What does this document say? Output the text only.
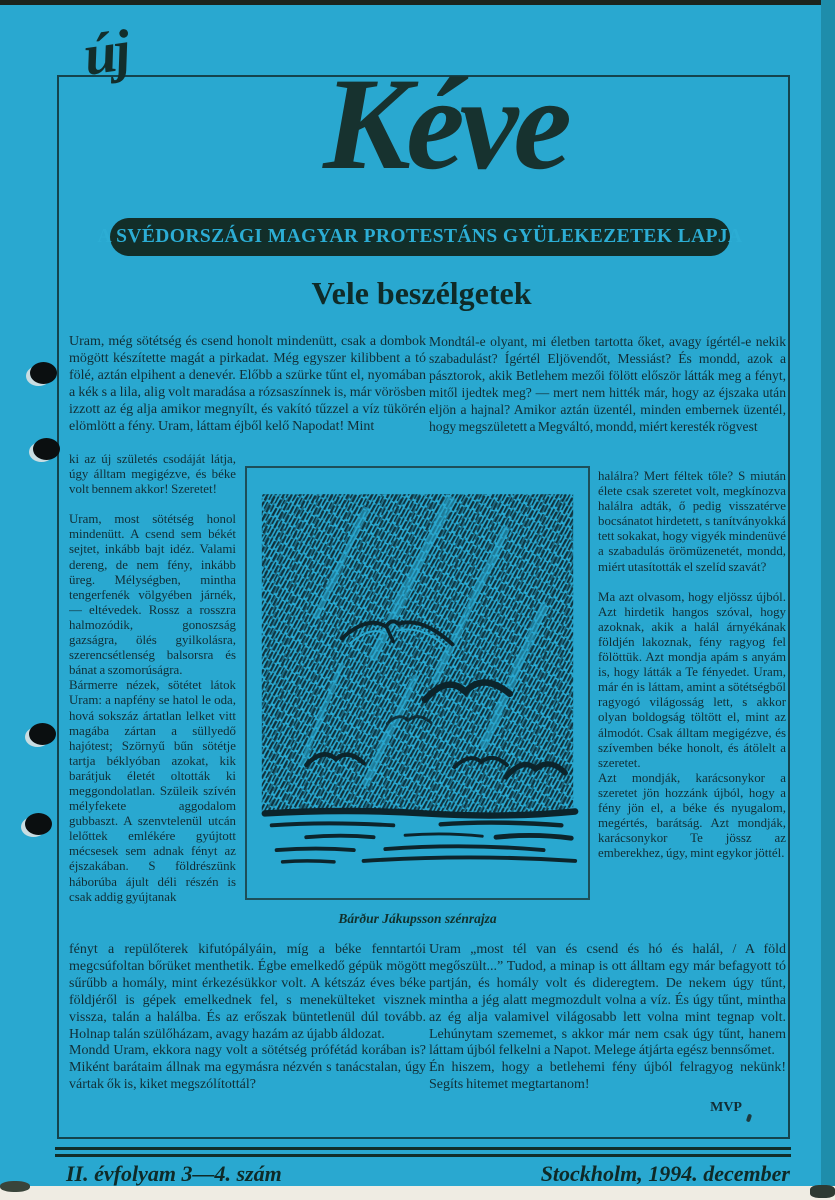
új	Kéve
A SVÉDORSZÁGI MAGYAR PROTESTÁNS GYÜLEKEZETEK LAPJA
Vele beszélgetek

Uram, még sötétség és csend honolt mindenütt, csak a dombok mögött készítette magát a pirkadat. Még egyszer kilibbent a tó fölé, aztán elpihent a denevér. Előbb a szürke tűnt el, nyomában a kék s a lila, alig volt maradása a rózsaszínnek is, már vörösben izzott az ég alja amikor megnyílt, és vakító tűzzel a víz tükörén elömlött a fény. Uram, láttam éjből kelő Napodat! Mint

ki az új születés csodáját látja, úgy álltam megigézve, és béke volt bennem akkor! Szeretet!

Uram, most sötétség honol mindenütt. A csend sem békét sejtet, inkább bajt idéz. Valami dereng, de nem fény, inkább üreg. Mélységben, mintha tengerfenék völgyében járnék, — eltévedek. Rossz a rosszra halmozódik, gonoszság gazságra, ölés gyilkolásra, szerencsétlenség balsorsra és bánat a szomorúságra.

Bármerre nézek, sötétet látok Uram: a napfény se hatol le oda, hová sokszáz ártatlan lelket vitt magába zártan a süllyedő hajótest; Szörnyű bűn sötétje tartja béklyóban azokat, kik barátjuk életét oltották ki meggondolatlan. Szüleik szívén mélyfekete aggodalom gubbaszt. A szenvtelenül utcán lelőttek emlékére gyújtott mécsesek sem adnak fényt az éjszakában. S földrészünk háborúba ájult déli részén is csak addig gyújtanak

fényt a repülőterek kifutópályáin, míg a béke fenntartói megcsúfoltan bőrüket menthetik. Égbe emelkedő gépük mögött sűrűbb a homály, mint érkezésükkor volt. A kétszáz éves béke földjéről is gépek emelkednek fel, s menekülteket visznek vissza, talán a halálba. És az erőszak büntetlenül dúl tovább. Holnap talán szülőházam, avagy hazám az újabb áldozat.

Mondd Uram, ekkora nagy volt a sötétség prófétád korában is? Miként barátaim állnak ma egymásra nézvén s tanácstalan, úgy vártak ők is, kiket megszólítottál?

Mondtál-e olyant, mi életben tartotta őket, avagy ígértél-e nekik szabadulást? Ígértél Eljövendőt, Messiást? És mondd, azok a pásztorok, akik Betlehem mezői fölött először látták meg a fényt, mitől ijedtek meg? — mert nem hitték már, hogy az éjszaka után eljön a hajnal? Amikor aztán üzentél, minden embernek üzentél, hogy megszületett a Megváltó, mondd, miért keresték rögvest

halálra? Mert féltek tőle? S miután élete csak szeretet volt, megkínozva halálra adták, ő pedig visszatérve bocsánatot hirdetett, s tanítványokká tett sokakat, hogy vigyék mindenüvé a szabadulás örömüzenetét, mondd, miért utasították el szelíd szavát?

Ma azt olvasom, hogy eljössz újból. Azt hirdetik hangos szóval, hogy azoknak, akik a halál árnyékának földjén lakoznak, fény ragyog fel fölöttük. Azt mondja apám s anyám is, hogy látták a Te fényedet. Uram, már én is láttam, amint a sötétségből ragyogó világosság lett, s akkor olyan boldogság töltött el, mint az álmodót. Csak álltam megigézve, és szívemben béke honolt, és átölelt a szeretet.

Azt mondják, karácsonykor a szeretet jön hozzánk újból, hogy a fény jön el, a béke és nyugalom, megértés, barátság. Azt mondják, karácsonykor Te jössz az emberekhez, úgy, mint egykor jöttél.

Uram „most tél van és csend és hó és halál, / A föld megőszült...” Tudod, a minap is ott álltam egy már befagyott tó partján, és homály volt és dideregtem. De nekem úgy tűnt, mintha a jég alatt megmozdult volna a víz. És úgy tűnt, mintha az ég alja valamivel világosabb lett volna mint tegnap volt. Lehúnytam szememet, s akkor már nem csak úgy tűnt, hanem láttam újból felkelni a Napot. Melege átjárta egész bennsőmet.

Én hiszem, hogy a betlehemi fény újból felragyog nekünk! Segíts hitemet megtartanom!

MVP

Bárður Jákupsson szénrajza
II. évfolyam 3—4. szám	Stockholm, 1994. december
